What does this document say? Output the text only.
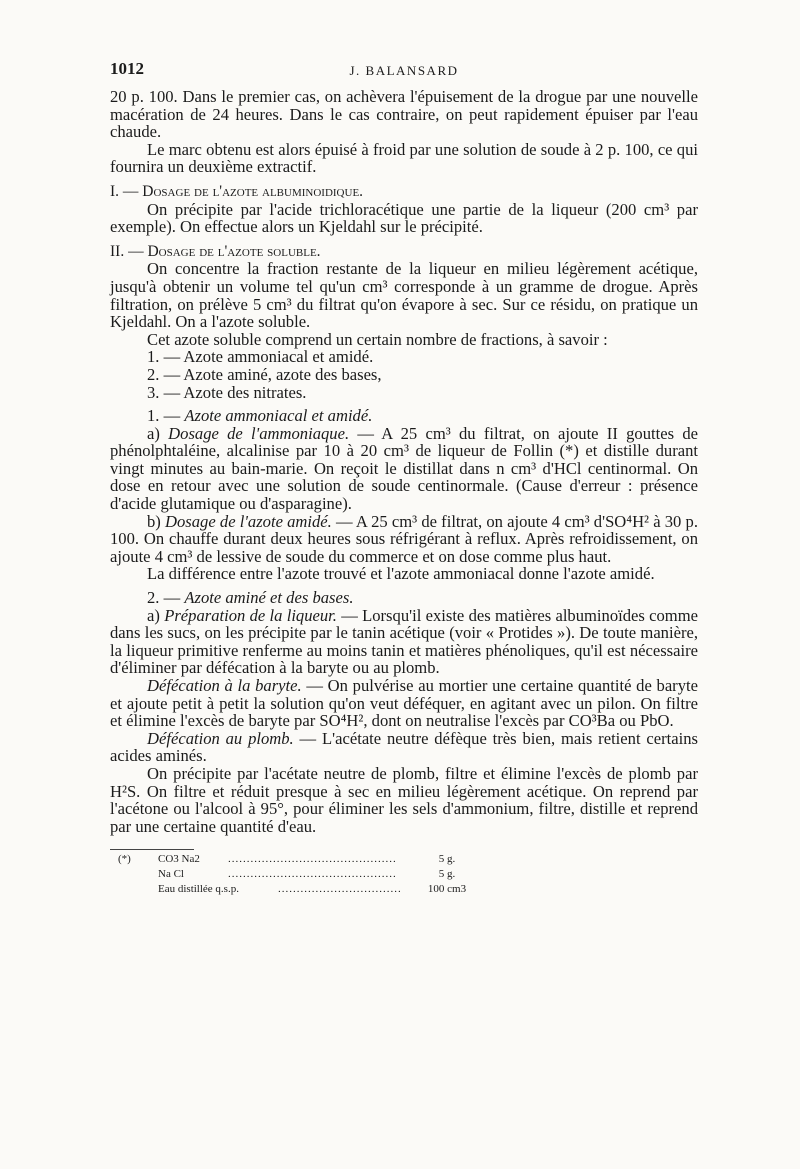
1012	J. BALANSARD

20 p. 100. Dans le premier cas, on achèvera l'épuisement de la drogue par une nouvelle macération de 24 heures. Dans le cas contraire, on peut rapidement épuiser par l'eau chaude.

Le marc obtenu est alors épuisé à froid par une solution de soude à 2 p. 100, ce qui fournira un deuxième extractif.

I. — Dosage de l'azote albuminoidique.

On précipite par l'acide trichloracétique une partie de la liqueur (200 cm³ par exemple). On effectue alors un Kjeldahl sur le précipité.

II. — Dosage de l'azote soluble.

On concentre la fraction restante de la liqueur en milieu légèrement acétique, jusqu'à obtenir un volume tel qu'un cm³ corresponde à un gramme de drogue. Après filtration, on prélève 5 cm³ du filtrat qu'on évapore à sec. Sur ce résidu, on pratique un Kjeldahl. On a l'azote soluble.

Cet azote soluble comprend un certain nombre de fractions, à savoir :

1. — Azote ammoniacal et amidé.

2. — Azote aminé, azote des bases,

3. — Azote des nitrates.

1. — Azote ammoniacal et amidé.

a) Dosage de l'ammoniaque. — A 25 cm³ du filtrat, on ajoute II gouttes de phénolphtaléine, alcalinise par 10 à 20 cm³ de liqueur de Follin (*) et distille durant vingt minutes au bain-marie. On reçoit le distillat dans n cm³ d'HCl centinormal. On dose en retour avec une solution de soude centinormale. (Cause d'erreur : présence d'acide glutamique ou d'asparagine).

b) Dosage de l'azote amidé. — A 25 cm³ de filtrat, on ajoute 4 cm³ d'SO⁴H² à 30 p. 100. On chauffe durant deux heures sous réfrigérant à reflux. Après refroidissement, on ajoute 4 cm³ de lessive de soude du commerce et on dose comme plus haut.

La différence entre l'azote trouvé et l'azote ammoniacal donne l'azote amidé.

2. — Azote aminé et des bases.

a) Préparation de la liqueur. — Lorsqu'il existe des matières albuminoïdes comme dans les sucs, on les précipite par le tanin acétique (voir « Protides »). De toute manière, la liqueur primitive renferme au moins tanin et matières phénoliques, qu'il est nécessaire d'éliminer par défécation à la baryte ou au plomb.

Défécation à la baryte. — On pulvérise au mortier une certaine quantité de baryte et ajoute petit à petit la solution qu'on veut déféquer, en agitant avec un pilon. On filtre et élimine l'excès de baryte par SO⁴H², dont on neutralise l'excès par CO³Ba ou PbO.

Défécation au plomb. — L'acétate neutre défèque très bien, mais retient certains acides aminés.

On précipite par l'acétate neutre de plomb, filtre et élimine l'excès de plomb par H²S. On filtre et réduit presque à sec en milieu légèrement acétique. On reprend par l'acétone ou l'alcool à 95°, pour éliminer les sels d'ammonium, filtre, distille et reprend par une certaine quantité d'eau.

(*)	CO3 Na2	.............................................	5 g.
Na Cl	.............................................	5 g.
Eau distillée q.s.p.	.................................	100 cm3
